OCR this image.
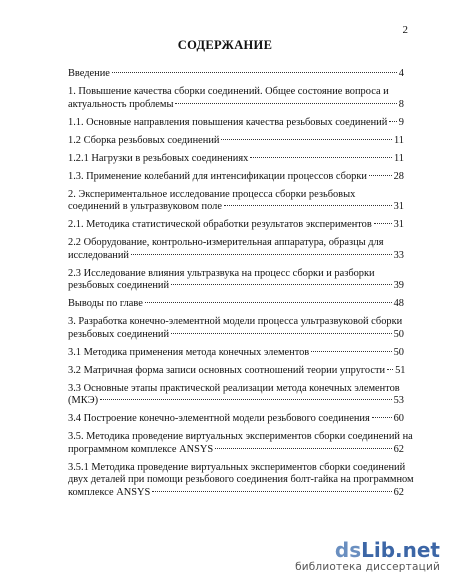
2
СОДЕРЖАНИЕ
Введение	4
1. Повышение качества сборки соединений. Общее состояние вопроса и
актуальность проблемы	8
1.1. Основные направления повышения качества резьбовых соединений 9
1.2 Сборка резьбовых соединений	11
1.2.1 Нагрузки в резьбовых соединениях	11
1.3. Применение колебаний для интенсификации процессов сборки	28
2. Экспериментальное исследование процесса сборки резьбовых
соединений в ультразвуковом поле	31
2.1. Методика статистической обработки результатов экспериментов 31
2.2 Оборудование, контрольно-измерительная аппаратура, образцы для
исследований	33
2.3 Исследование влияния ультразвука на процесс сборки и разборки
резьбовых соединений	39
Выводы по главе	48
3. Разработка конечно-элементной модели процесса ультразвуковой сборки
резьбовых соединений	50
3.1 Методика применения метода конечных элементов	50
3.2 Матричная форма записи основных соотношений теории упругости 51
3.3 Основные этапы практической реализации метода конечных элементов
(МКЭ)	53
3.4 Построение конечно-элементной модели резьбового соединения 60
3.5. Методика проведение виртуальных экспериментов сборки соединений на
программном комплексе ANSYS	62
3.5.1 Методика проведение виртуальных экспериментов сборки соединений
двух деталей при помощи резьбового соединения болт-гайка на программном
комплексе ANSYS	62
dsLib.net
библиотека диссертаций
